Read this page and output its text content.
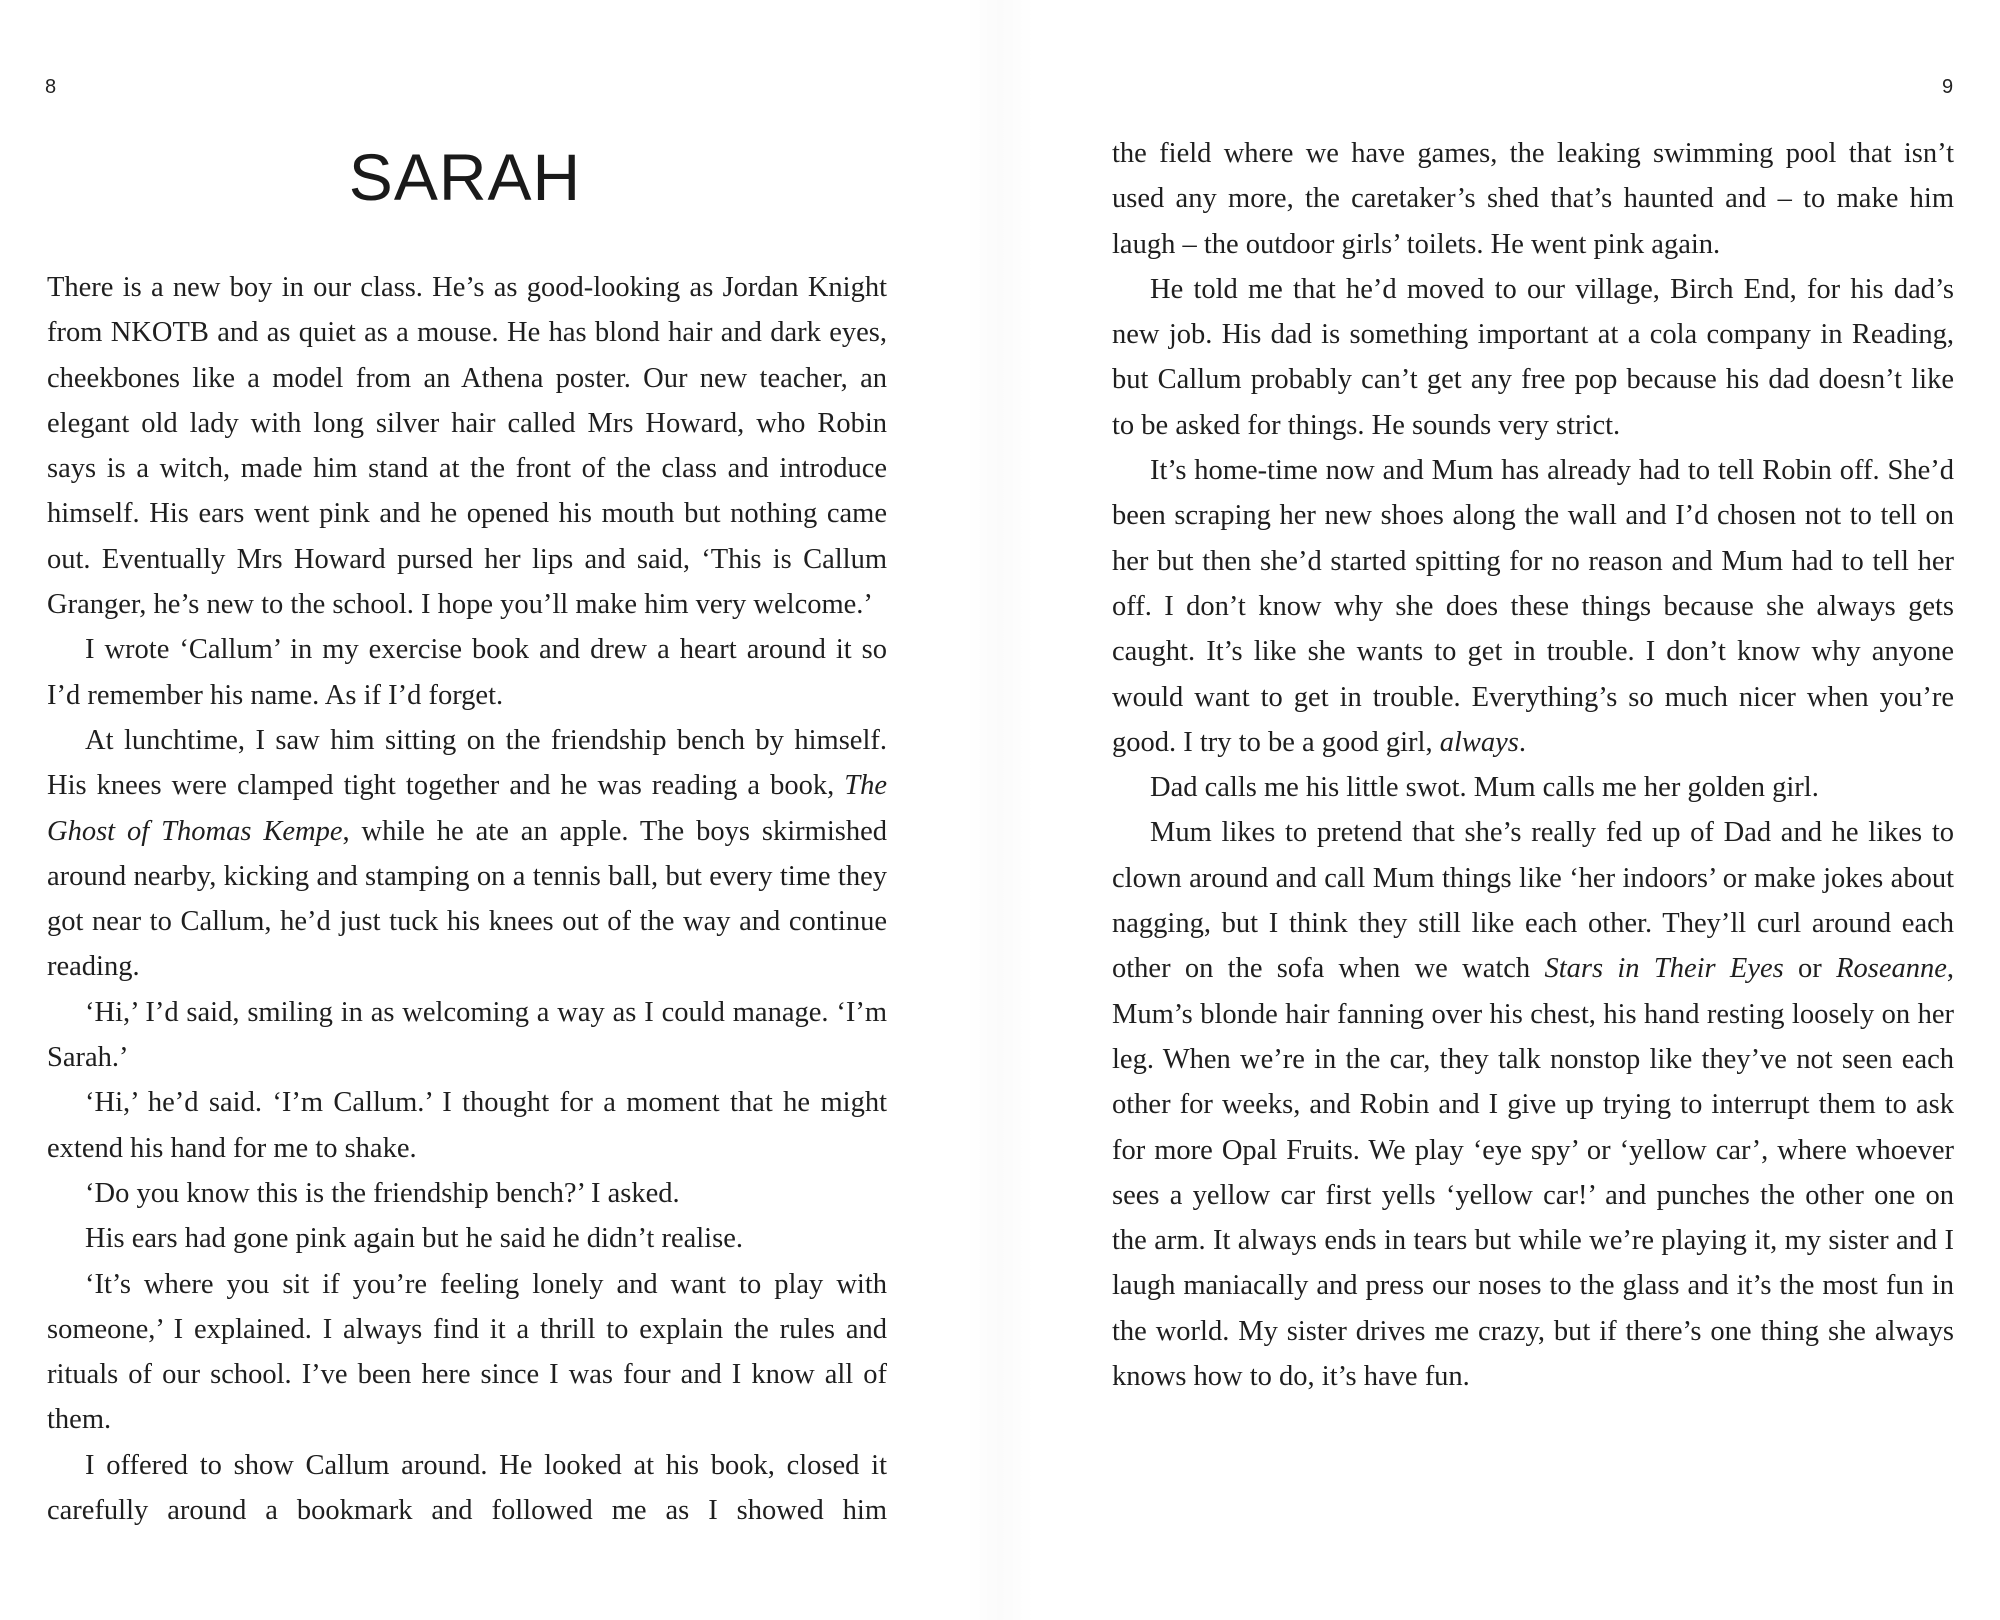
8
SARAH

There is a new boy in our class. He’s as good-looking as Jordan Knight from NKOTB and as quiet as a mouse. He has blond hair and dark eyes, cheekbones like a model from an Athena poster. Our new teacher, an elegant old lady with long silver hair called Mrs Howard, who Robin says is a witch, made him stand at the front of the class and introduce himself. His ears went pink and he opened his mouth but nothing came out. Eventually Mrs Howard pursed her lips and said, ‘This is Callum Granger, he’s new to the school. I hope you’ll make him very welcome.’

I wrote ‘Callum’ in my exercise book and drew a heart around it so I’d remember his name. As if I’d forget.

At lunchtime, I saw him sitting on the friendship bench by himself. His knees were clamped tight together and he was reading a book, The Ghost of Thomas Kempe, while he ate an apple. The boys skirmished around nearby, kicking and stamping on a tennis ball, but every time they got near to Callum, he’d just tuck his knees out of the way and continue reading.

‘Hi,’ I’d said, smiling in as welcoming a way as I could manage. ‘I’m Sarah.’

‘Hi,’ he’d said. ‘I’m Callum.’ I thought for a moment that he might extend his hand for me to shake.

‘Do you know this is the friendship bench?’ I asked.

His ears had gone pink again but he said he didn’t realise.

‘It’s where you sit if you’re feeling lonely and want to play with someone,’ I explained. I always find it a thrill to explain the rules and rituals of our school. I’ve been here since I was four and I know all of them.

I offered to show Callum around. He looked at his book, closed it carefully around a bookmark and followed me as I showed him

9

the field where we have games, the leaking swimming pool that isn’t used any more, the caretaker’s shed that’s haunted and – to make him laugh – the outdoor girls’ toilets. He went pink again.

He told me that he’d moved to our village, Birch End, for his dad’s new job. His dad is something important at a cola company in Reading, but Callum probably can’t get any free pop because his dad doesn’t like to be asked for things. He sounds very strict.

It’s home-time now and Mum has already had to tell Robin off. She’d been scraping her new shoes along the wall and I’d chosen not to tell on her but then she’d started spitting for no reason and Mum had to tell her off. I don’t know why she does these things because she always gets caught. It’s like she wants to get in trouble. I don’t know why anyone would want to get in trouble. Everything’s so much nicer when you’re good. I try to be a good girl, always.

Dad calls me his little swot. Mum calls me her golden girl.

Mum likes to pretend that she’s really fed up of Dad and he likes to clown around and call Mum things like ‘her indoors’ or make jokes about nagging, but I think they still like each other. They’ll curl around each other on the sofa when we watch Stars in Their Eyes or Roseanne, Mum’s blonde hair fanning over his chest, his hand resting loosely on her leg. When we’re in the car, they talk nonstop like they’ve not seen each other for weeks, and Robin and I give up trying to interrupt them to ask for more Opal Fruits. We play ‘eye spy’ or ‘yellow car’, where whoever sees a yellow car first yells ‘yellow car!’ and punches the other one on the arm. It always ends in tears but while we’re playing it, my sister and I laugh maniacally and press our noses to the glass and it’s the most fun in the world. My sister drives me crazy, but if there’s one thing she always knows how to do, it’s have fun.
